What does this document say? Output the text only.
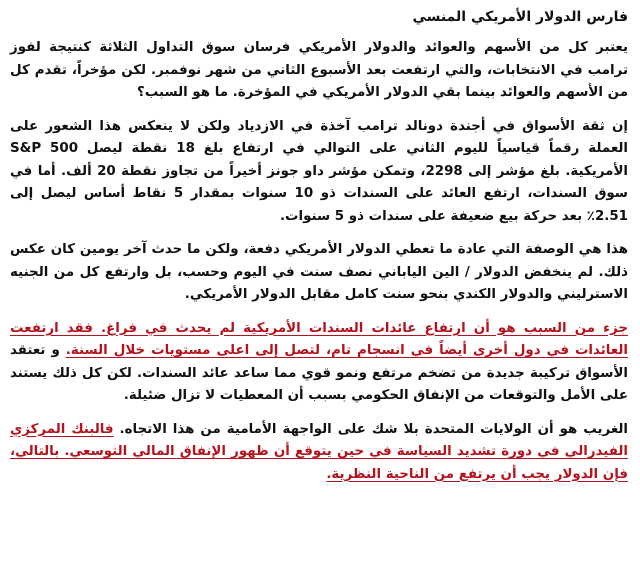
فارس الدولار الأمريكي المنسي

يعتبر كل من الأسهم والعوائد والدولار الأمريكي فرسان سوق التداول الثلاثة كنتيجة لفوز ترامب في الانتخابات، والتي ارتفعت بعد الأسبوع الثاني من شهر نوفمبر. لكن مؤخراً، تقدم كل من الأسهم والعوائد بينما بقي الدولار الأمريكي في المؤخرة. ما هو السبب؟

إن ثقة الأسواق في أجندة دونالد ترامب آخذة في الازدياد ولكن لا ينعكس هذا الشعور على العملة رقماً قياسياً لليوم الثاني على التوالي في ارتفاع بلغ 18 نقطة ليصل S&P 500 الأمريكية. بلغ مؤشر إلى 2298، وتمكن مؤشر داو جونز أخيراً من تجاوز نقطة 20 ألف. أما في سوق السندات، ارتفع العائد على السندات ذو 10 سنوات بمقدار 5 نقاط أساس ليصل إلى 2.51٪ بعد حركة بيع ضعيفة على سندات ذو 5 سنوات.

هذا هي الوصفة التي عادة ما تعطي الدولار الأمريكي دفعة، ولكن ما حدث آخر يومين كان عكس ذلك. لم ينخفض الدولار / الين الياباني نصف سنت في اليوم وحسب، بل وارتفع كل من الجنيه الاسترليني والدولار الكندي بنحو سنت كامل مقابل الدولار الأمريكي.

جزء من السبب هو أن ارتفاع عائدات السندات الأمريكية لم يحدث في فراغ. فقد ارتفعت العائدات في دول أخرى أيضاً في انسجام تام، لتصل إلى اعلى مستويات خلال السنة. و تعتقد الأسواق تركيبة جديدة من تضخم مرتفع ونمو قوي مما ساعد عائد السندات. لكن كل ذلك يستند على الأمل والتوقعات من الإنفاق الحكومي بسبب أن المعطيات لا تزال ضئيلة.

الغريب هو أن الولايات المتحدة بلا شك على الواجهة الأمامية من هذا الاتجاه. فالبنك المركزي الفيدرالي في دورة تشديد السياسة في حين يتوقع أن ظهور الإنفاق المالي التوسعي. بالتالي، فإن الدولار يجب أن يرتفع من الناحية النظرية.
